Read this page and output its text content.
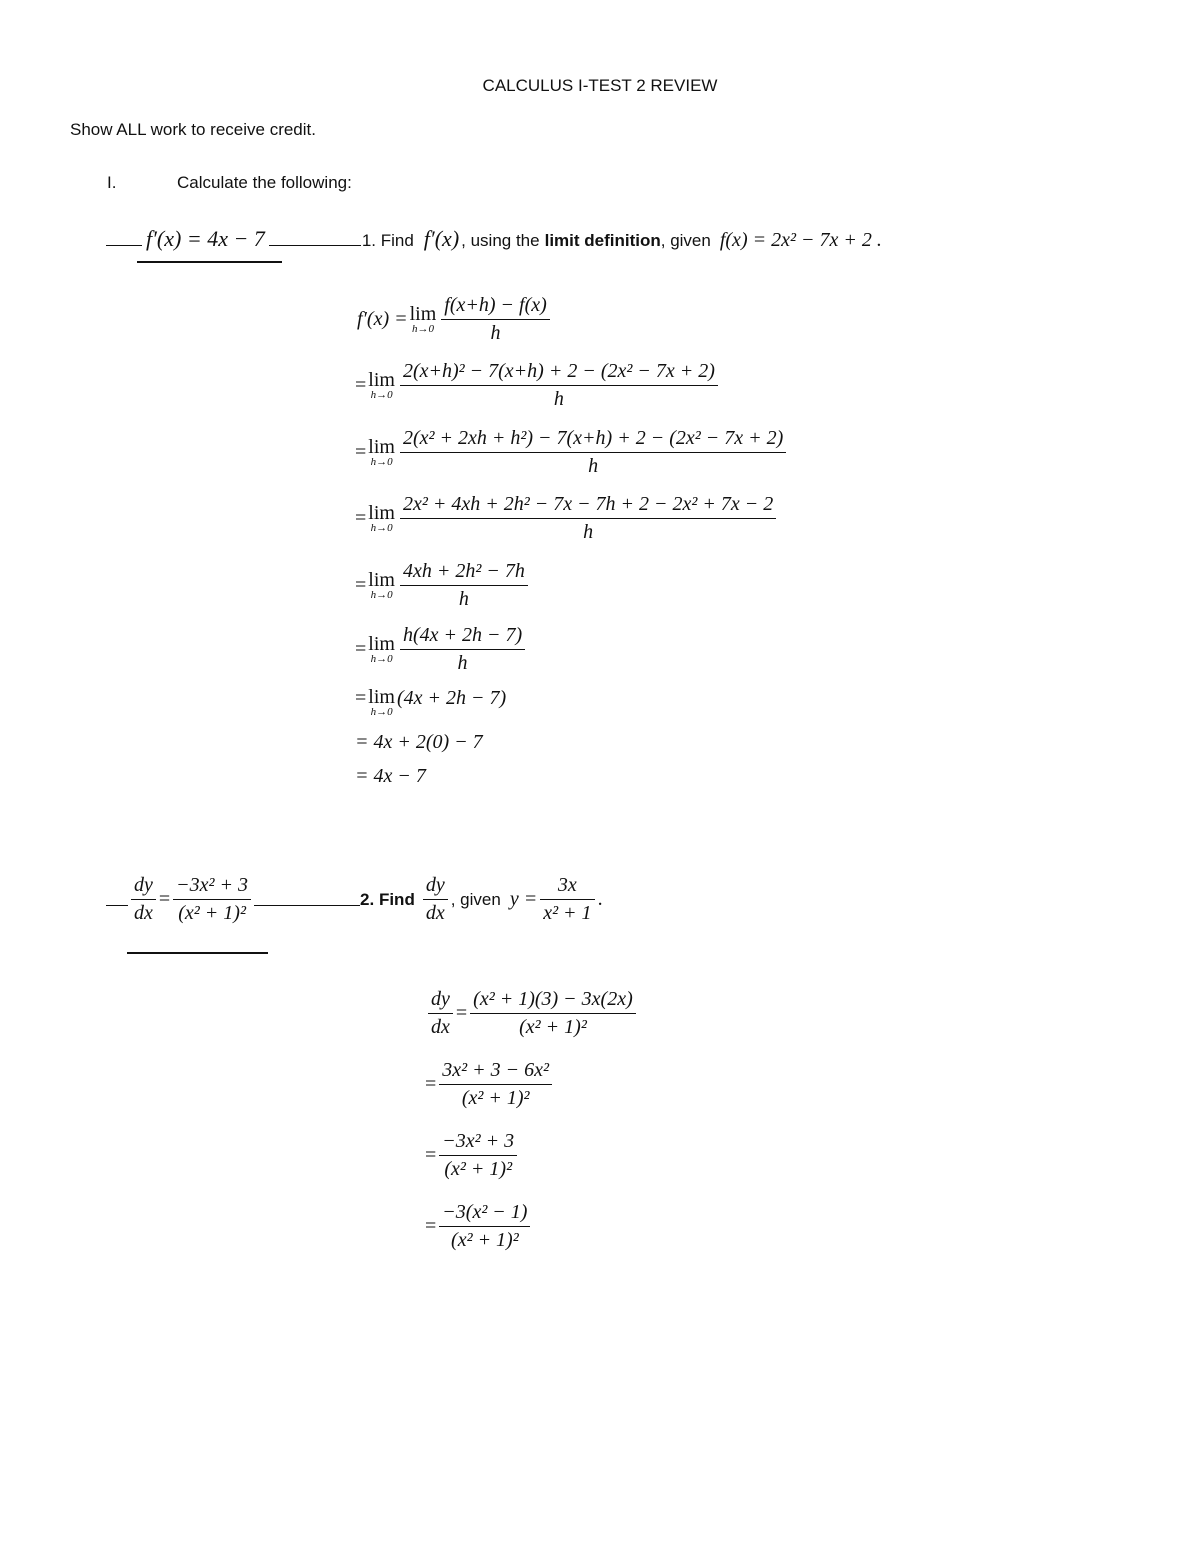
CALCULUS I-TEST 2 REVIEW
Show ALL work to receive credit.
I.	Calculate the following:
f′(x) = 4x − 7	1. Find f′(x) , using the limit definition , given f(x) = 2x² − 7x + 2 .
f′(x) = lim
$h\to 0 \frac{f(x+h) - f(x)}{h}$
= lim
$h\to 0 \frac{\text{2(x+h)² − 7(x+h) + 2 − (2x² − 7x + 2)}}{h}$
= lim
$h\to 0 \frac{\text{2(x² + 2xh + h²) − 7(x+h) + 2 − (2x² − 7x + 2)}}{h}$
= lim
$h\to 0 \frac{\text{2x² + 4xh + 2h² − 7x − 7h + 2 − 2x² + 7x − 2}}{h}$
= lim
$h\to 0 \frac{\text{4xh + 2h² − 7h}}{h}$
= lim
$h\to 0 \frac{h(4x + 2h - 7)}{h}$
= lim
h→0
(4x + 2h − 7)
= 4x + 2(0) − 7
= 4x − 7
$\frac{dy}{dx} = \frac{\text{−3x² + 3}}{\text{(x² + 1)²}}$	2. Find $\frac{dy}{dx}$ , given $y = \frac{3x}{\text{x² + 1}}$ .
$\frac{dy}{dx} = \frac{\text{(x² + 1)(3) − 3x(2x)}}{\text{(x² + 1)²}}$
= $\frac{\text{3x² + 3 − 6x²}}{\text{(x² + 1)²}}$
= $\frac{\text{−3x² + 3}}{\text{(x² + 1)²}}$
= $\frac{\text{−3(x² − 1)}}{\text{(x² + 1)²}}$
